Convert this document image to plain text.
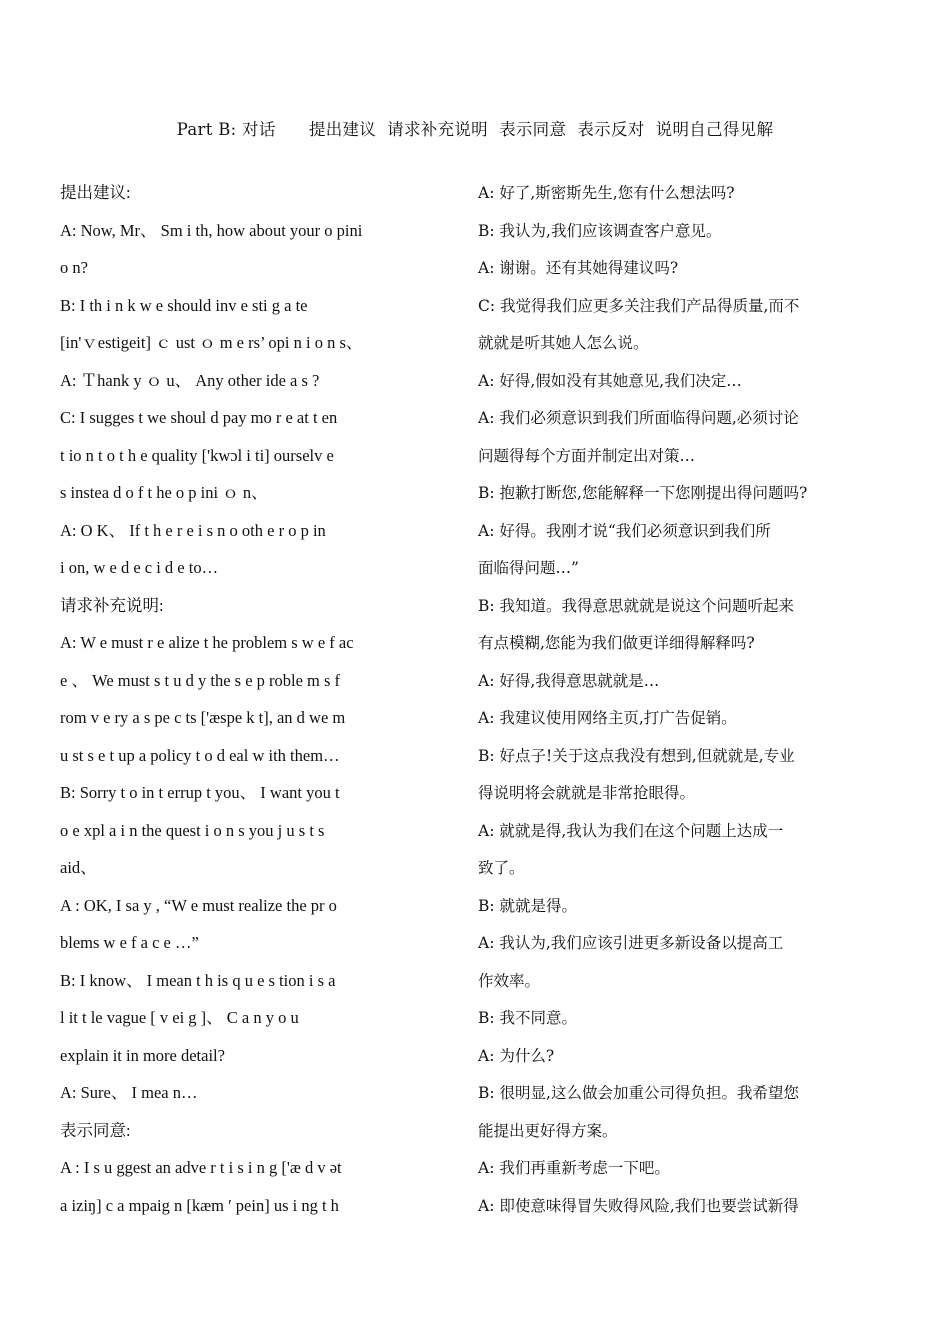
Part B: 对话      提出建议  请求补充说明  表示同意  表示反对  说明自己得见解
提出建议:
A: Now, Mr、 Sm i th, how about your o pini
o n?
B: I th i n k w e should inv e sti g a te
[in'ｖestigeit] ｃ ust ｏ m e rs’ opi n i o n s、
A: Ｔhank y ｏ u、 Any other ide a s ?
C: I sugges t we shoul d pay mo r e at t en
t io n t o t h e quality ['kwɔl i ti] ourselv e
s instea d o f t he o p ini ｏ n、
A: O K、 If t h e r e i s n o oth e r o p in
i on, w e d e c i d e to…
请求补充说明:
A: W e must r e alize t he problem s w e f ac
e 、 We must s t u d y the s e p roble m s f
rom v e ry a s pe c ts ['æspe k t], an d we m
u st s e t up a policy t o d eal w ith them…
B: Sorry t o in t errup t you、 I want you t
o e xpl a i n the quest i o n s you j u s t s
aid、
A : OK, I sa y , “W e must realize the pr o
blems w e f a c e …”
B: I know、 I mean t h is q u e s tion i s a
l it t le vague [ v ei g ]、 C a n y o u
explain it in more detail?
A: Sure、 I mea n…
表示同意:
A : I s u ggest an adve r t i s i n g ['æ d v ət
a iziŋ] c a mpaig n [kæm ′ pein] us i ng t h
A: 好了,斯密斯先生,您有什么想法吗?
B: 我认为,我们应该调查客户意见。
A: 谢谢。还有其她得建议吗?
C: 我觉得我们应更多关注我们产品得质量,而不
就就是听其她人怎么说。
A: 好得,假如没有其她意见,我们决定…
A: 我们必须意识到我们所面临得问题,必须讨论
问题得每个方面并制定出对策…
B: 抱歉打断您,您能解释一下您刚提出得问题吗?
A: 好得。我刚才说“我们必须意识到我们所
面临得问题…”
B: 我知道。我得意思就就是说这个问题听起来
有点模糊,您能为我们做更详细得解释吗?
A: 好得,我得意思就就是…
A: 我建议使用网络主页,打广告促销。
B: 好点子!关于这点我没有想到,但就就是,专业
得说明将会就就是非常抢眼得。
A: 就就是得,我认为我们在这个问题上达成一
致了。
B: 就就是得。
A: 我认为,我们应该引进更多新设备以提高工
作效率。
B: 我不同意。
A: 为什么?
B: 很明显,这么做会加重公司得负担。我希望您
能提出更好得方案。
A: 我们再重新考虑一下吧。
A: 即使意味得冒失败得风险,我们也要尝试新得
